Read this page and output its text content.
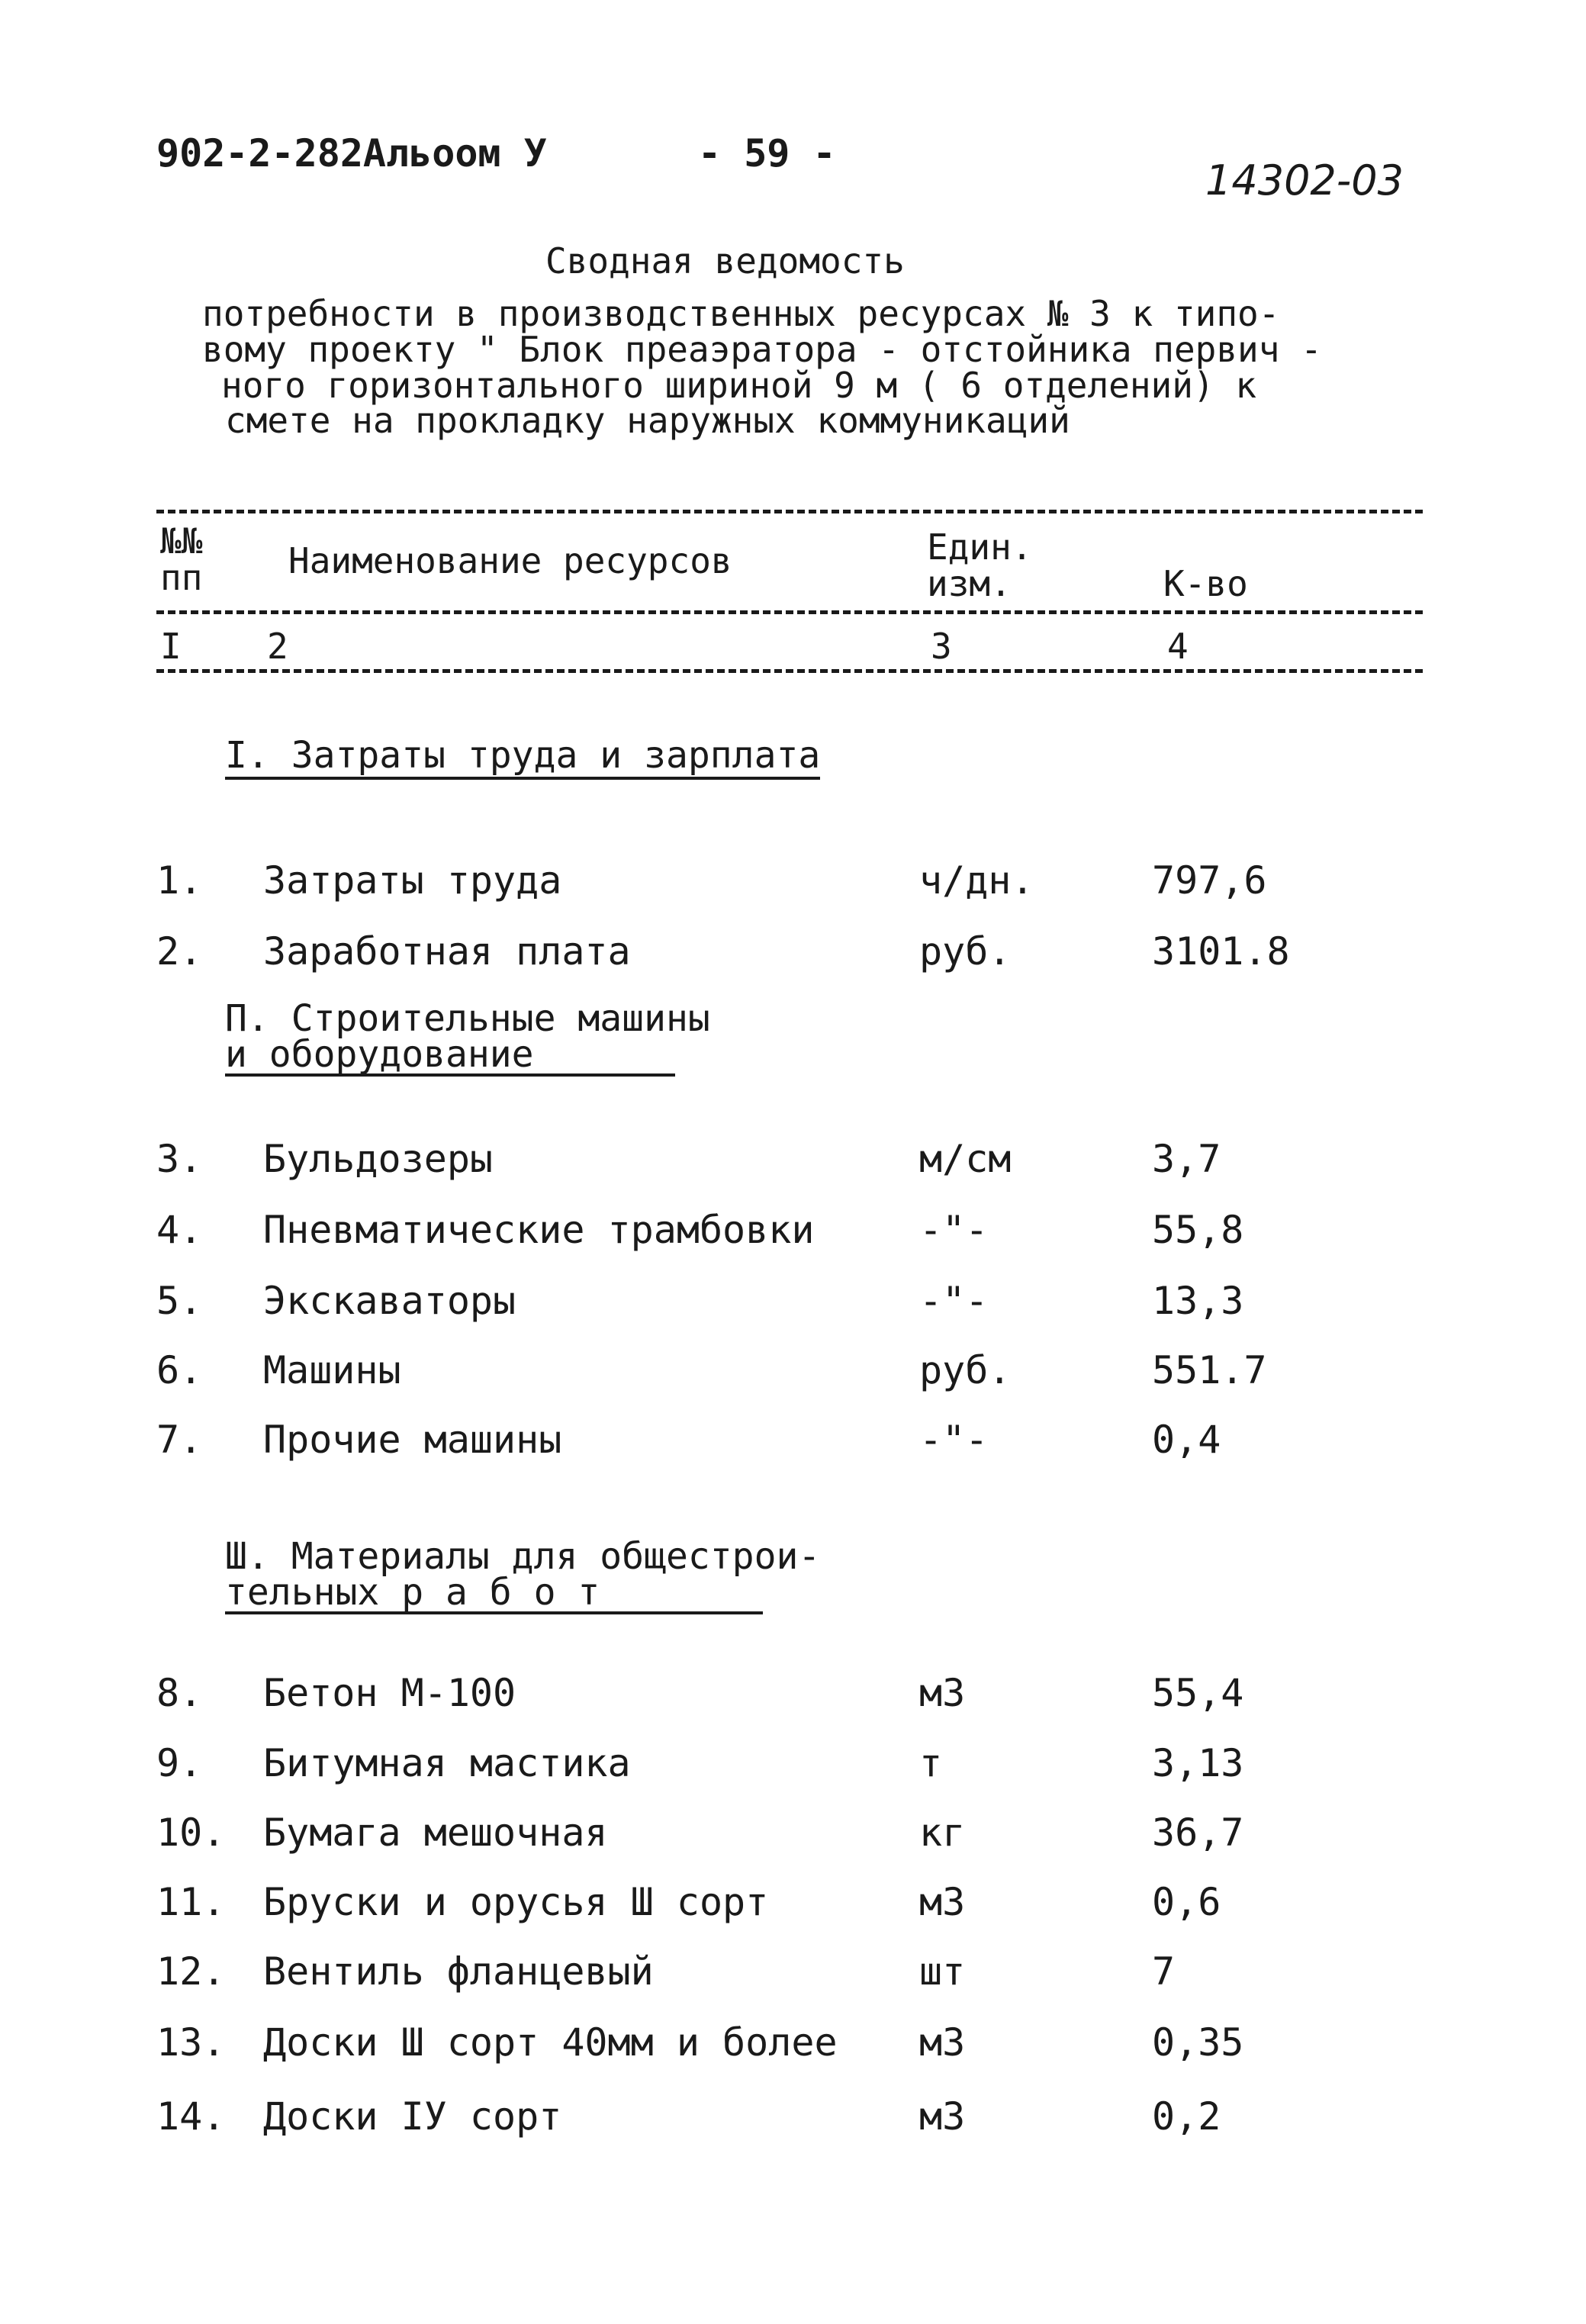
902-2-282Альоом У	- 59 -
14302-03
Сводная ведомость
потребности в производственных ресурсах № 3 к типо-
вому проекту " Блок преаэратора - отстойника первич -
ного горизонтального шириной 9 м ( 6 отделений) к
смете на прокладку наружных коммуникаций
№№
пп Наименование ресурсов	Един.
изм.	К-во
I 2	3	4
I. Затраты труда и зарплата
1.	Затраты труда	ч/дн.	797,6
2.	Заработная плата	руб.	3101.8
П. Строительные машины
и оборудование
3.	Бульдозеры	м/см	3,7
4.	Пневматические трамбовки	-"-	55,8
5.	Экскаваторы	-"-	13,3
6.	Машины	руб.	551.7
7.	Прочие машины	-"-	0,4
Ш. Материалы для общестрои-
тельных р а б о т
8.	Бетон М-100	м3	55,4
9.	Битумная мастика	т	3,13
10. Бумага мешочная	кг	36,7
11. Бруски и орусья Ш сорт	м3	0,6
12. Вентиль фланцевый	шт	7
13. Доски Ш сорт 40мм и более м3	0,35
14. Доски IУ сорт	м3	0,2
